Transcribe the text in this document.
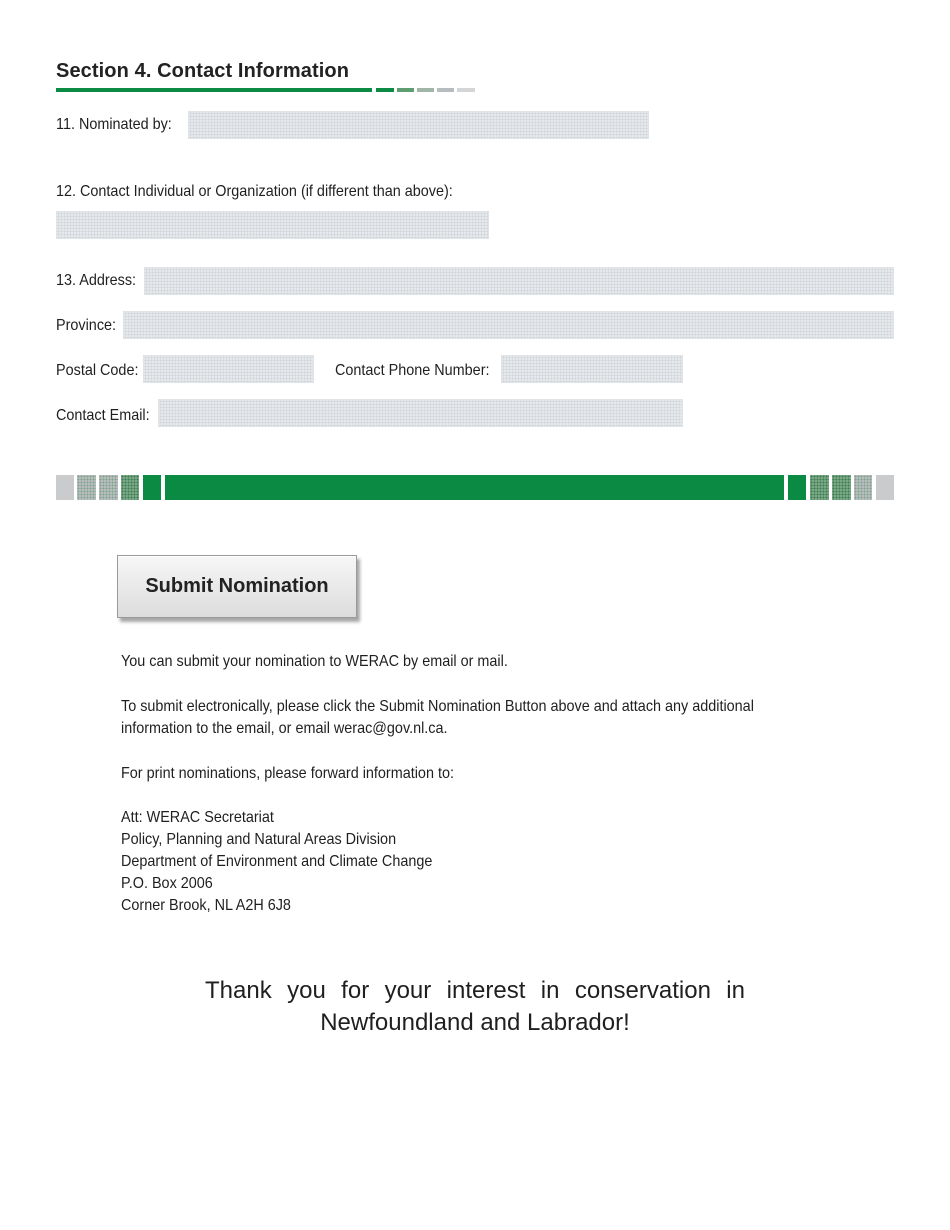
Section 4. Contact Information
11. Nominated by:
12. Contact Individual or Organization (if different than above):
13. Address:
Province:
Postal Code:	Contact Phone Number:
Contact Email:
Submit Nomination
You can submit your nomination to WERAC by email or mail.
To submit electronically, please click the Submit Nomination Button above and attach any additional
information to the email, or email werac@gov.nl.ca.
For print nominations, please forward information to:
Att: WERAC Secretariat
Policy, Planning and Natural Areas Division
Department of Environment and Climate Change
P.O. Box 2006
Corner Brook, NL A2H 6J8
Thank you for your interest in conservation in
Newfoundland and Labrador!
